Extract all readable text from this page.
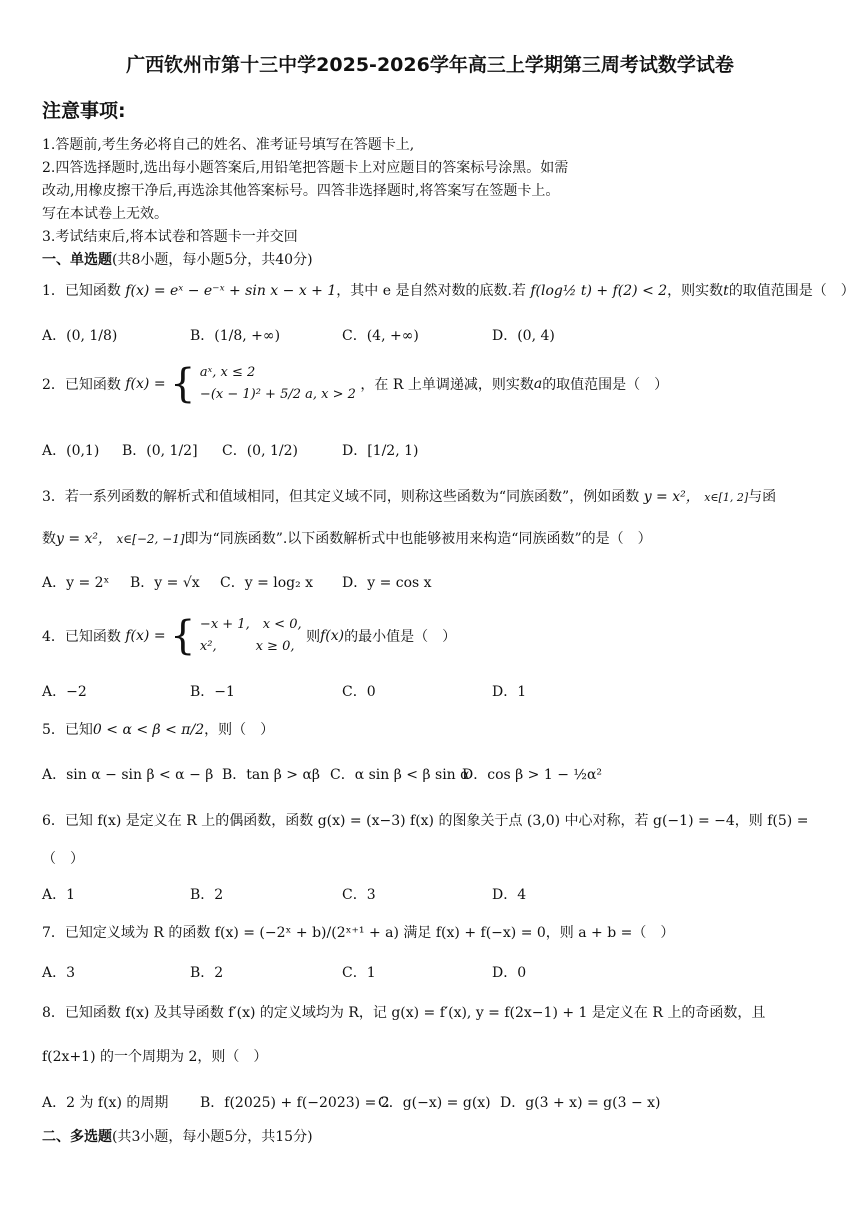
广西钦州市第十三中学2025-2026学年高三上学期第三周考试数学试卷
注意事项:
1.答题前,考生务必将自己的姓名、准考证号填写在答题卡上,
2.四答选择题时,选出每小题答案后,用铅笔把答题卡上对应题目的答案标号涂黑。如需
改动,用橡皮擦干净后,再选涂其他答案标号。四答非选择题时,将答案写在签题卡上。
写在本试卷上无效。
3.考试结束后,将本试卷和答题卡一并交回
一、单选题(共8小题，每小题5分，共40分)
1．已知函数 f(x) = eˣ − e⁻ˣ + sin x − x + 1，其中 e 是自然对数的底数.若 f(log½ t) + f(2) < 2，则实数t的取值范围是（　）
A．(0, 1/8)	B．(1/8, +∞)	C．(4, +∞)	D．(0, 4)
2．已知函数 f(x) = { aˣ, x ≤ 2
−(x − 1)² + 5/2 a, x > 2
，在 R 上单调递减，则实数a的取值范围是（　）
A．(0,1) B．(0, 1/2] C．(0, 1/2)	D．[1/2, 1)
3．若一系列函数的解析式和值域相同，但其定义域不同，则称这些函数为“同族函数”，例如函数 y = x²， x∈[1, 2]与函
数y = x²， x∈[−2, −1]即为“同族函数”.以下函数解析式中也能够被用来构造“同族函数”的是（　）
A．y = 2ˣ B．y = √x C．y = log₂ x D．y = cos x
4．已知函数 f(x) = { −x + 1,　x < 0,
x²,　　　x ≥ 0,
则f(x)的最小值是（　）
A．−2	B．−1	C．0	D．1
5．已知0 < α < β < π/2，则（　）
A．sin α − sin β < α − β B．tan β > αβ C．α sin β < β sin α
D．cos β > 1 − ½α²
6．已知 f(x) 是定义在 R 上的偶函数，函数 g(x) = (x−3) f(x) 的图象关于点 (3,0) 中心对称，若 g(−1) = −4，则 f(5) =
（　）
A．1	B．2	C．3	D．4
7．已知定义域为 R 的函数 f(x) = (−2ˣ + b)/(2ˣ⁺¹ + a) 满足 f(x) + f(−x) = 0，则 a + b =（　）
A．3	B．2	C．1	D．0
8．已知函数 f(x) 及其导函数 f′(x) 的定义域均为 R，记 g(x) = f′(x), y = f(2x−1) + 1 是定义在 R 上的奇函数，且
f(2x+1) 的一个周期为 2，则（　）
A．2 为 f(x) 的周期 B．f(2025) + f(−2023) = 2
C．g(−x) = g(x) D．g(3 + x) = g(3 − x)
二、多选题(共3小题，每小题5分，共15分)
